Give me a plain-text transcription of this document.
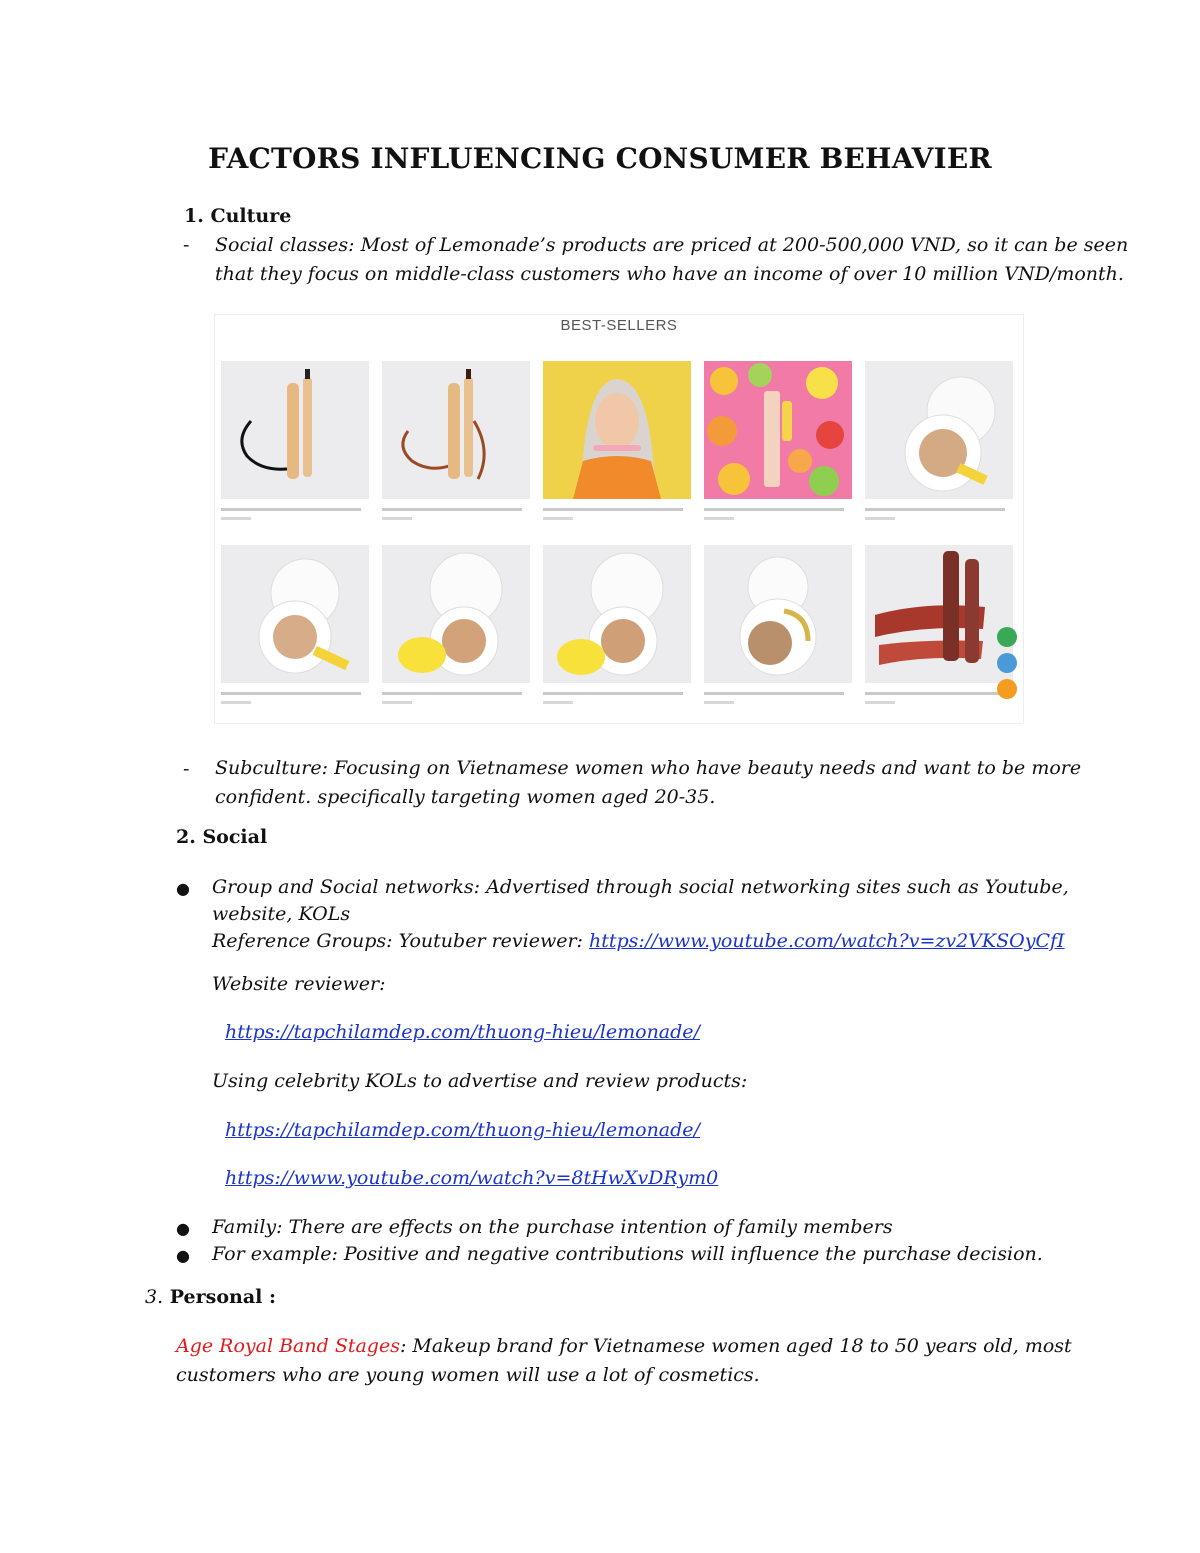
FACTORS INFLUENCING CONSUMER BEHAVIER
1. Culture
- Social classes: Most of Lemonade’s products are priced at 200-500,000 VND, so it can be seen
that they focus on middle-class customers who have an income of over 10 million VND/month.
BEST-SELLERS
- Subculture: Focusing on Vietnamese women who have beauty needs and want to be more
confident. specifically targeting women aged 20-35.
2. Social
● Group and Social networks: Advertised through social networking sites such as Youtube,
website, KOLs
Reference Groups: Youtuber reviewer: https://www.youtube.com/watch?v=zv2VKSOyCfI
Website reviewer:
https://tapchilamdep.com/thuong-hieu/lemonade/
Using celebrity KOLs to advertise and review products:
https://tapchilamdep.com/thuong-hieu/lemonade/
https://www.youtube.com/watch?v=8tHwXvDRym0
● Family: There are effects on the purchase intention of family members
● For example: Positive and negative contributions will influence the purchase decision.
3. Personal :
Age Royal Band Stages: Makeup brand for Vietnamese women aged 18 to 50 years old, most
customers who are young women will use a lot of cosmetics.
